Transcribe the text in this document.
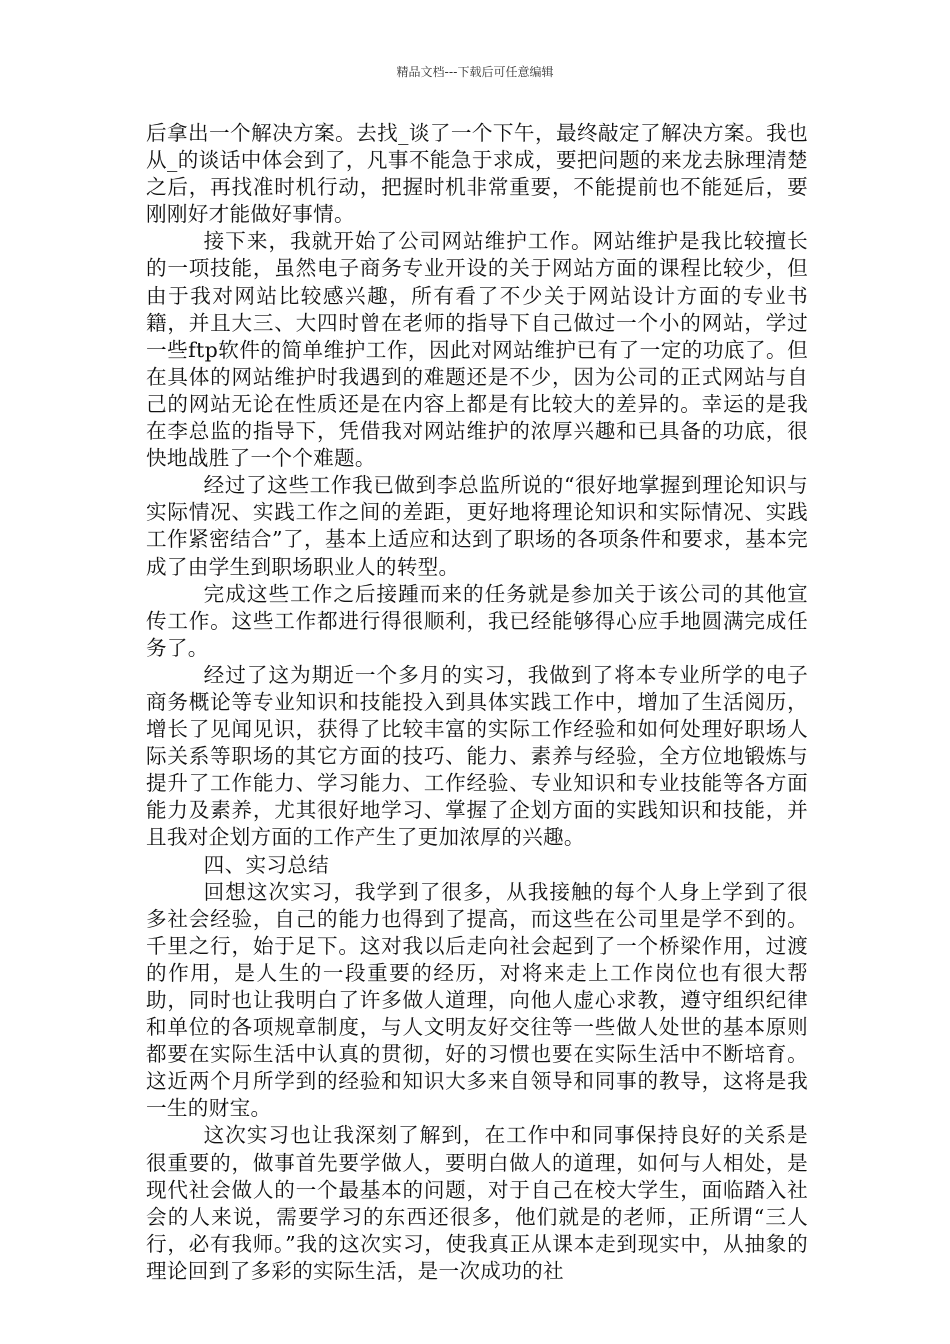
精品文档---下载后可任意编辑

后拿出一个解决方案。去找_谈了一个下午，最终敲定了解决方案。我也从_的谈话中体会到了，凡事不能急于求成，要把问题的来龙去脉理清楚之后，再找准时机行动，把握时机非常重要，不能提前也不能延后，要刚刚好才能做好事情。

接下来，我就开始了公司网站维护工作。网站维护是我比较擅长的一项技能，虽然电子商务专业开设的关于网站方面的课程比较少，但由于我对网站比较感兴趣，所有看了不少关于网站设计方面的专业书籍，并且大三、大四时曾在老师的指导下自己做过一个小的网站，学过一些ftp软件的简单维护工作，因此对网站维护已有了一定的功底了。但在具体的网站维护时我遇到的难题还是不少，因为公司的正式网站与自己的网站无论在性质还是在内容上都是有比较大的差异的。幸运的是我在李总监的指导下，凭借我对网站维护的浓厚兴趣和已具备的功底，很快地战胜了一个个难题。

经过了这些工作我已做到李总监所说的“很好地掌握到理论知识与实际情况、实践工作之间的差距，更好地将理论知识和实际情况、实践工作紧密结合”了，基本上适应和达到了职场的各项条件和要求，基本完成了由学生到职场职业人的转型。

完成这些工作之后接踵而来的任务就是参加关于该公司的其他宣传工作。这些工作都进行得很顺利，我已经能够得心应手地圆满完成任务了。

经过了这为期近一个多月的实习，我做到了将本专业所学的电子商务概论等专业知识和技能投入到具体实践工作中，增加了生活阅历，增长了见闻见识，获得了比较丰富的实际工作经验和如何处理好职场人际关系等职场的其它方面的技巧、能力、素养与经验，全方位地锻炼与提升了工作能力、学习能力、工作经验、专业知识和专业技能等各方面能力及素养，尤其很好地学习、掌握了企划方面的实践知识和技能，并且我对企划方面的工作产生了更加浓厚的兴趣。

四、实习总结

回想这次实习，我学到了很多，从我接触的每个人身上学到了很多社会经验，自己的能力也得到了提高，而这些在公司里是学不到的。千里之行，始于足下。这对我以后走向社会起到了一个桥梁作用，过渡的作用，是人生的一段重要的经历，对将来走上工作岗位也有很大帮助，同时也让我明白了许多做人道理，向他人虚心求教，遵守组织纪律和单位的各项规章制度，与人文明友好交往等一些做人处世的基本原则都要在实际生活中认真的贯彻，好的习惯也要在实际生活中不断培育。这近两个月所学到的经验和知识大多来自领导和同事的教导，这将是我一生的财宝。

这次实习也让我深刻了解到，在工作中和同事保持良好的关系是很重要的，做事首先要学做人，要明白做人的道理，如何与人相处，是现代社会做人的一个最基本的问题，对于自己在校大学生，面临踏入社会的人来说，需要学习的东西还很多，他们就是的老师，正所谓“三人行，必有我师。”我的这次实习，使我真正从课本走到现实中，从抽象的理论回到了多彩的实际生活，是一次成功的社
